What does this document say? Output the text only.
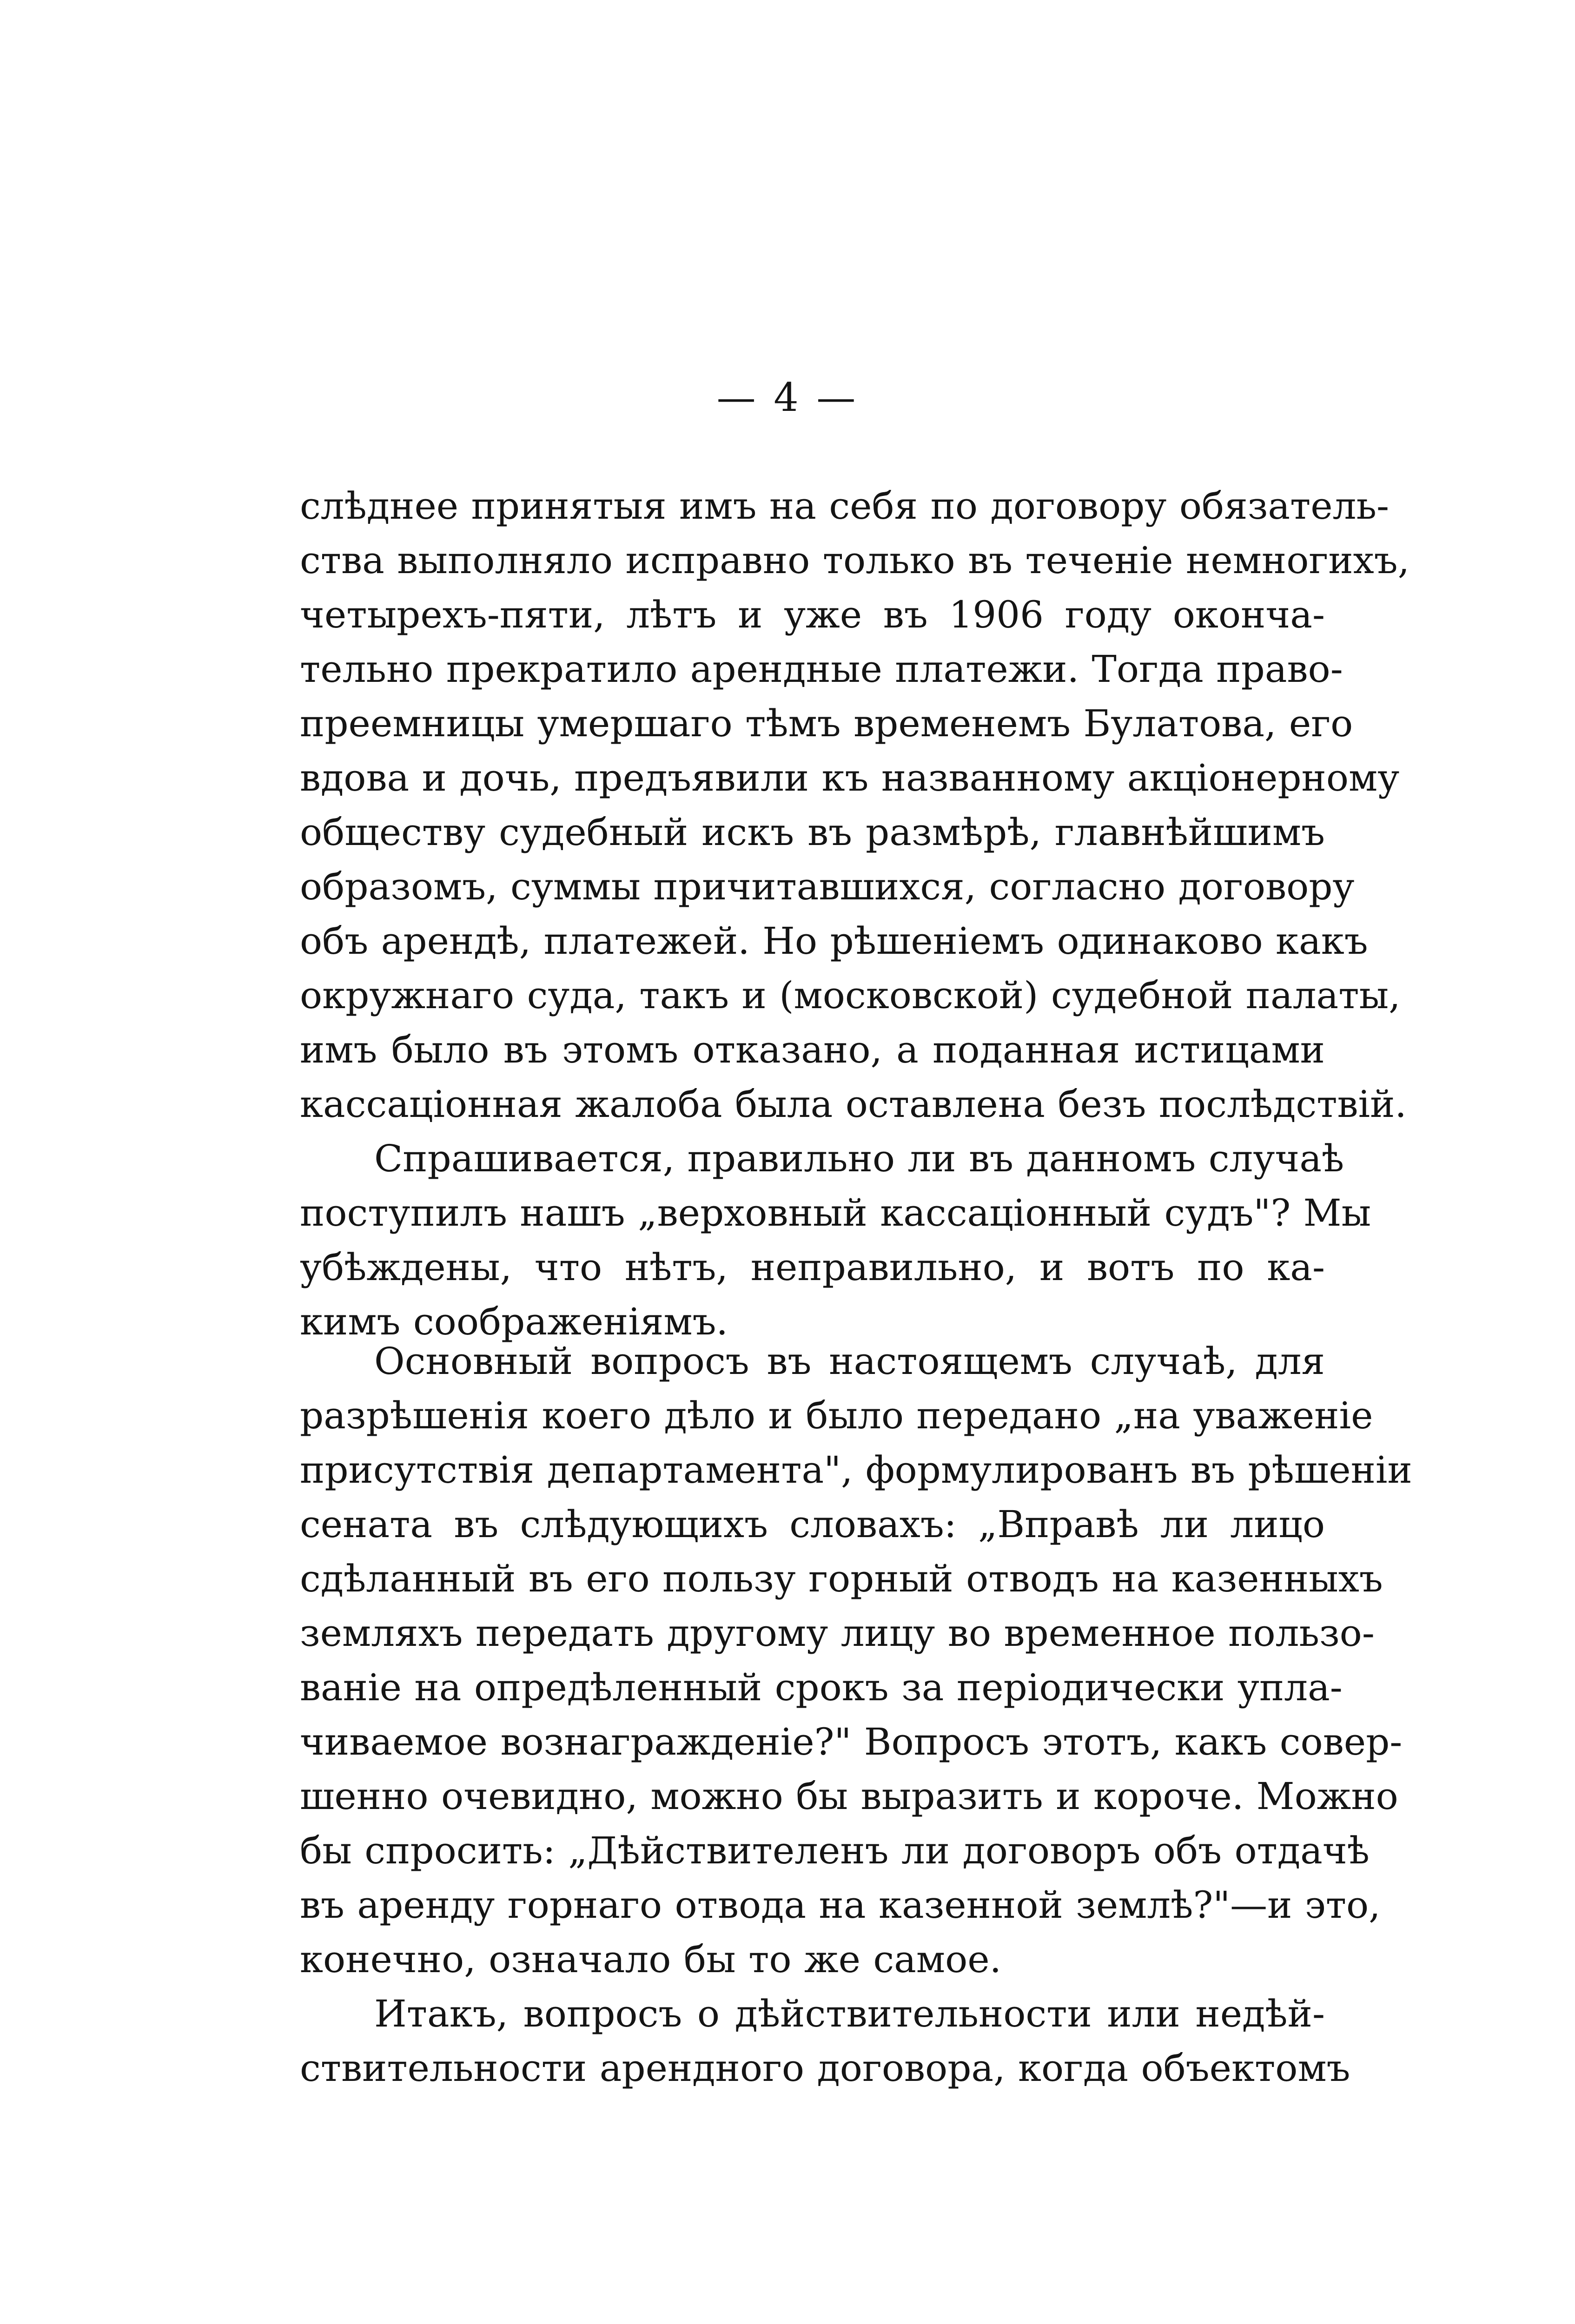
— 4 —
слѣднее принятыя имъ на себя по договору обязатель-
ства выполняло исправно только въ теченіе немногихъ,
четырехъ-пяти, лѣтъ и уже въ 1906 году оконча-
тельно прекратило арендные платежи. Тогда право-
преемницы умершаго тѣмъ временемъ Булатова, его
вдова и дочь, предъявили къ названному акціонерному
обществу судебный искъ въ размѣрѣ, главнѣйшимъ
образомъ, суммы причитавшихся, согласно договору
объ арендѣ, платежей. Но рѣшеніемъ одинаково какъ
окружнаго суда, такъ и (московской) судебной палаты,
имъ было въ этомъ отказано, а поданная истицами
кассаціонная жалоба была оставлена безъ послѣдствій.
Спрашивается, правильно ли въ данномъ случаѣ
поступилъ нашъ „верховный кассаціонный судъ"? Мы
убѣждены, что нѣтъ, неправильно, и вотъ по ка-
кимъ соображеніямъ.
Основный вопросъ въ настоящемъ случаѣ, для
разрѣшенія коего дѣло и было передано „на уваженіе
присутствія департамента", формулированъ въ рѣшеніи
сената въ слѣдующихъ словахъ: „Вправѣ ли лицо
сдѣланный въ его пользу горный отводъ на казенныхъ
земляхъ передать другому лицу во временное пользо-
ваніе на опредѣленный срокъ за періодически упла-
чиваемое вознагражденіе?" Вопросъ этотъ, какъ совер-
шенно очевидно, можно бы выразить и короче. Можно
бы спросить: „Дѣйствителенъ ли договоръ объ отдачѣ
въ аренду горнаго отвода на казенной землѣ?"—и это,
конечно, означало бы то же самое.
Итакъ, вопросъ о дѣйствительности или недѣй-
ствительности арендного договора, когда объектомъ
